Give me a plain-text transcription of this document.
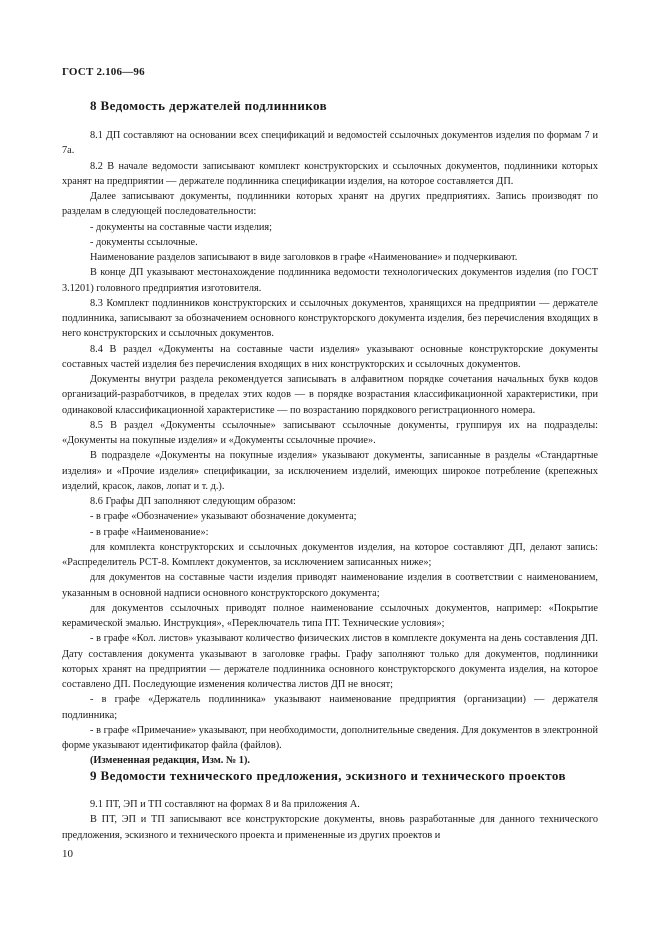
ГОСТ 2.106—96
8 Ведомость держателей подлинников

8.1 ДП составляют на основании всех спецификаций и ведомостей ссылочных документов изделия по формам 7 и 7а.

8.2 В начале ведомости записывают комплект конструкторских и ссылочных документов, подлинники которых хранят на предприятии — держателе подлинника спецификации изделия, на которое составляется ДП.

Далее записывают документы, подлинники которых хранят на других предприятиях. Запись производят по разделам в следующей последовательности:

- документы на составные части изделия;

- документы ссылочные.

Наименование разделов записывают в виде заголовков в графе «Наименование» и подчеркивают.

В конце ДП указывают местонахождение подлинника ведомости технологических документов изделия (по ГОСТ 3.1201) головного предприятия изготовителя.

8.3 Комплект подлинников конструкторских и ссылочных документов, хранящихся на предприятии — держателе подлинника, записывают за обозначением основного конструкторского документа изделия, без перечисления входящих в него конструкторских и ссылочных документов.

8.4 В раздел «Документы на составные части изделия» указывают основные конструкторские документы составных частей изделия без перечисления входящих в них конструкторских и ссылочных документов.

Документы внутри раздела рекомендуется записывать в алфавитном порядке сочетания начальных букв кодов организаций-разработчиков, в пределах этих кодов — в порядке возрастания классификационной характеристики, при одинаковой классификационной характеристике — по возрастанию порядкового регистрационного номера.

8.5 В раздел «Документы ссылочные» записывают ссылочные документы, группируя их на подразделы: «Документы на покупные изделия» и «Документы ссылочные прочие».

В подразделе «Документы на покупные изделия» указывают документы, записанные в разделы «Стандартные изделия» и «Прочие изделия» спецификации, за исключением изделий, имеющих широкое потребление (крепежных изделий, красок, лаков, лопат и т. д.).

8.6 Графы ДП заполняют следующим образом:

- в графе «Обозначение» указывают обозначение документа;

- в графе «Наименование»:

для комплекта конструкторских и ссылочных документов изделия, на которое составляют ДП, делают запись: «Распределитель РСТ-8. Комплект документов, за исключением записанных ниже»;

для документов на составные части изделия приводят наименование изделия в соответствии с наименованием, указанным в основной надписи основного конструкторского документа;

для документов ссылочных приводят полное наименование ссылочных документов, например: «Покрытие керамической эмалью. Инструкция», «Переключатель типа ПТ. Технические условия»;

- в графе «Кол. листов» указывают количество физических листов в комплекте документа на день составления ДП. Дату составления документа указывают в заголовке графы. Графу заполняют только для документов, подлинники которых хранят на предприятии — держателе подлинника основного конструкторского документа изделия, на которое составлено ДП. Последующие изменения количества листов ДП не вносят;

- в графе «Держатель подлинника» указывают наименование предприятия (организации) — держателя подлинника;

- в графе «Примечание» указывают, при необходимости, дополнительные сведения. Для документов в электронной форме указывают идентификатор файла (файлов).

(Измененная редакция, Изм. № 1).

9 Ведомости технического предложения, эскизного и технического проектов

9.1 ПТ, ЭП и ТП составляют на формах 8 и 8а приложения А.

В ПТ, ЭП и ТП записывают все конструкторские документы, вновь разработанные для данного технического предложения, эскизного и технического проекта и примененные из других проектов и

10
